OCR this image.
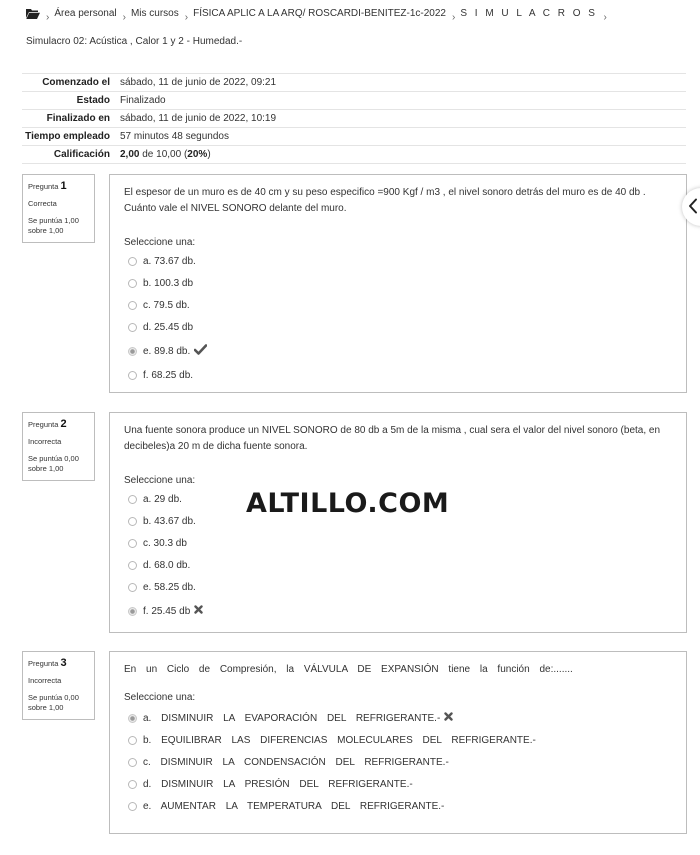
› Área personal › Mis cursos › FÍSICA APLIC A LA ARQ/ ROSCARDI-BENITEZ-1c-2022 › S I M U L A C R O S ›
Simulacro 02: Acústica , Calor 1 y 2 - Humedad.-
Comenzado el	sábado, 11 de junio de 2022, 09:21
Estado	Finalizado
Finalizado en	sábado, 11 de junio de 2022, 10:19
Tiempo empleado	57 minutos 48 segundos
Calificación	2,00 de 10,00 (20%)
Pregunta 1
Correcta
Se puntúa 1,00 sobre 1,00
El espesor de un muro es de 40 cm y su peso especifico =900 Kgf / m3 , el nivel sonoro detrás del muro es de 40 db . Cuánto vale el NIVEL SONORO delante del muro.
Seleccione una:
a. 73.67 db.
b. 100.3 db
c. 79.5 db.
d. 25.45 db
e. 89.8 db.
f. 68.25 db.
Pregunta 2
Incorrecta
Se puntúa 0,00 sobre 1,00
Una fuente sonora produce un NIVEL SONORO de 80 db a 5m de la misma , cual sera el valor del nivel sonoro (beta, en decibeles)a 20 m de dicha fuente sonora.
Seleccione una:
a. 29 db.
b. 43.67 db.
c. 30.3 db
d. 68.0 db.
e. 58.25 db.
f. 25.45 db
ALTILLO.COM
Pregunta 3
Incorrecta
Se puntúa 0,00 sobre 1,00
En un Ciclo de Compresión, la VÁLVULA DE EXPANSIÓN tiene la función de:.......
Seleccione una:
a. DISMINUIR LA EVAPORACIÓN DEL REFRIGERANTE.-
b. EQUILIBRAR LAS DIFERENCIAS MOLECULARES DEL REFRIGERANTE.-
c. DISMINUIR LA CONDENSACIÓN DEL REFRIGERANTE.-
d. DISMINUIR LA PRESIÓN DEL REFRIGERANTE.-
e. AUMENTAR LA TEMPERATURA DEL REFRIGERANTE.-
